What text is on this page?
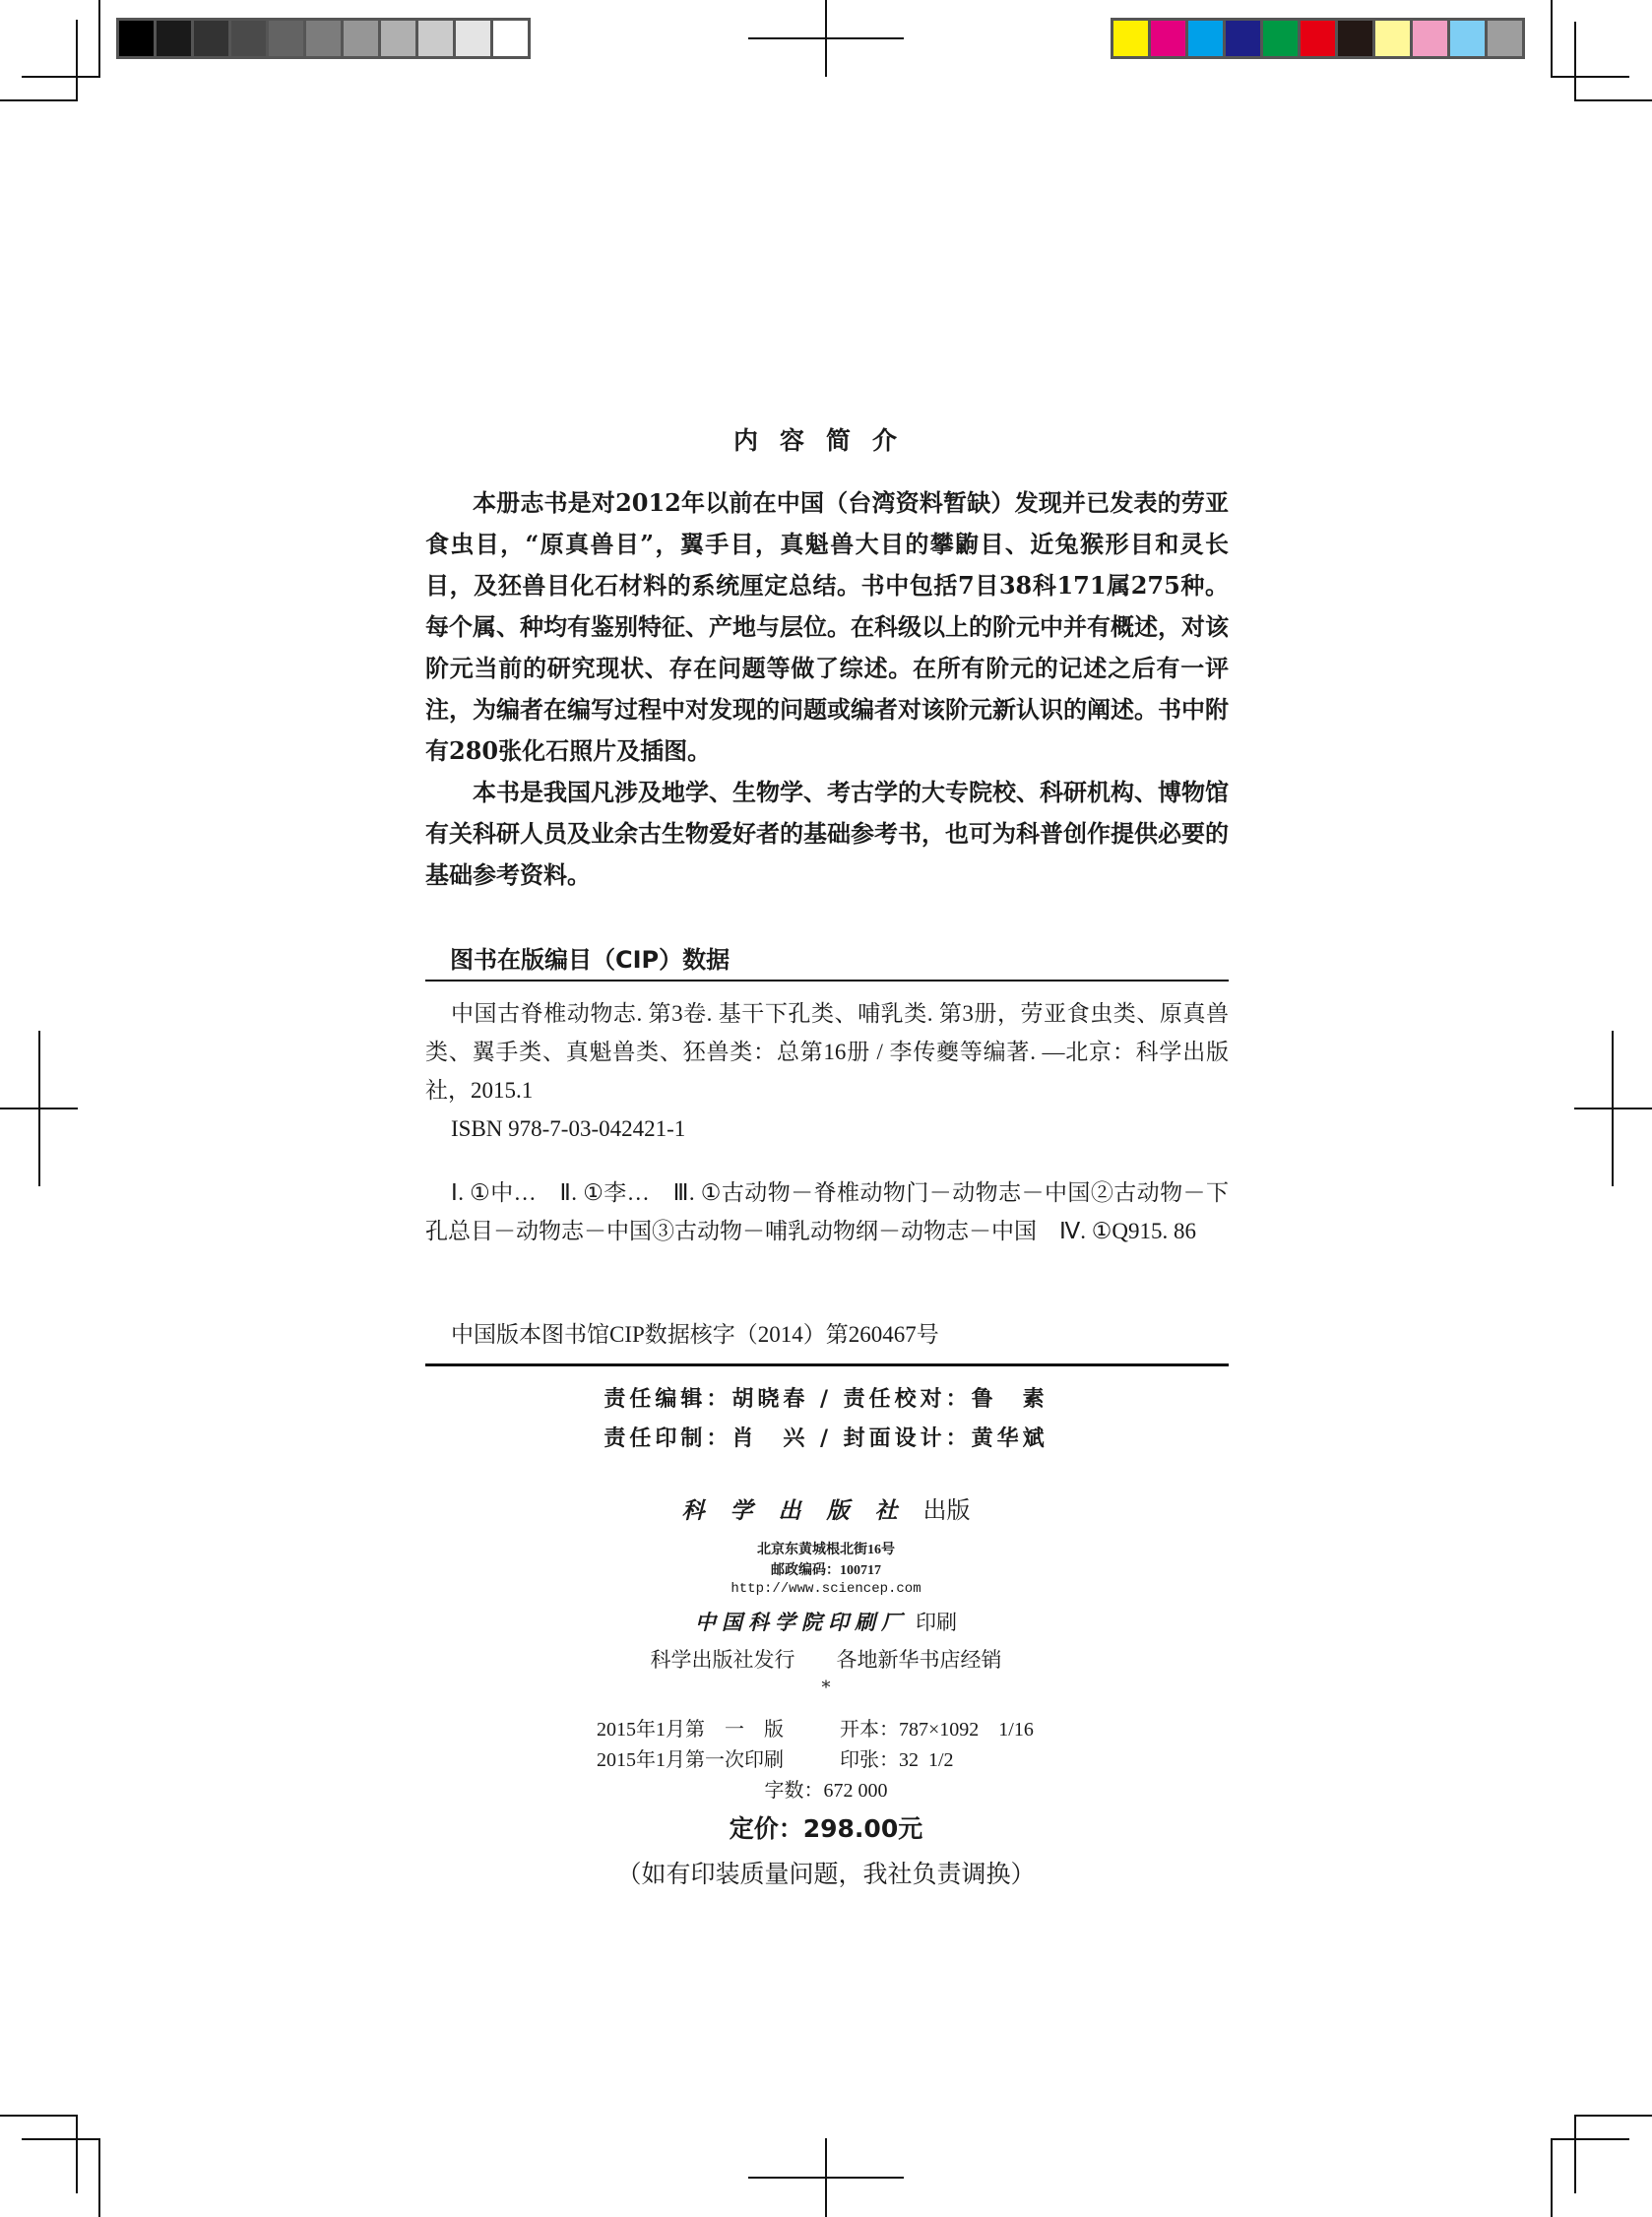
内容简介

本册志书是对2012年以前在中国（台湾资料暂缺）发现并已发表的劳亚食虫目，“原真兽目”，翼手目，真魁兽大目的攀鼩目、近兔猴形目和灵长目，及狉兽目化石材料的系统厘定总结。书中包括7目38科171属275种。每个属、种均有鉴别特征、产地与层位。在科级以上的阶元中并有概述，对该阶元当前的研究现状、存在问题等做了综述。在所有阶元的记述之后有一评注，为编者在编写过程中对发现的问题或编者对该阶元新认识的阐述。书中附有280张化石照片及插图。

本书是我国凡涉及地学、生物学、考古学的大专院校、科研机构、博物馆有关科研人员及业余古生物爱好者的基础参考书，也可为科普创作提供必要的基础参考资料。

图书在版编目（CIP）数据

中国古脊椎动物志. 第3卷. 基干下孔类、哺乳类. 第3册，劳亚食虫类、原真兽类、翼手类、真魁兽类、狉兽类：总第16册 / 李传夔等编著. —北京：科学出版社，2015.1

ISBN 978-7-03-042421-1

Ⅰ. ①中…　Ⅱ. ①李…　Ⅲ. ①古动物－脊椎动物门－动物志－中国②古动物－下孔总目－动物志－中国③古动物－哺乳动物纲－动物志－中国　Ⅳ. ①Q915. 86

中国版本图书馆CIP数据核字（2014）第260467号

责任编辑：胡晓春 / 责任校对：鲁　素
责任印制：肖　兴 / 封面设计：黄华斌
科学出版社出版
北京东黄城根北街16号
邮政编码：100717
http://www.sciencep.com
中国科学院印刷厂 印刷
科学出版社发行　　各地新华书店经销
*
2015年1月第　一　版	开本：787×1092　1/16
2015年1月第一次印刷	印张：32  1/2
字数：672 000
定价：298.00元
（如有印装质量问题，我社负责调换）
